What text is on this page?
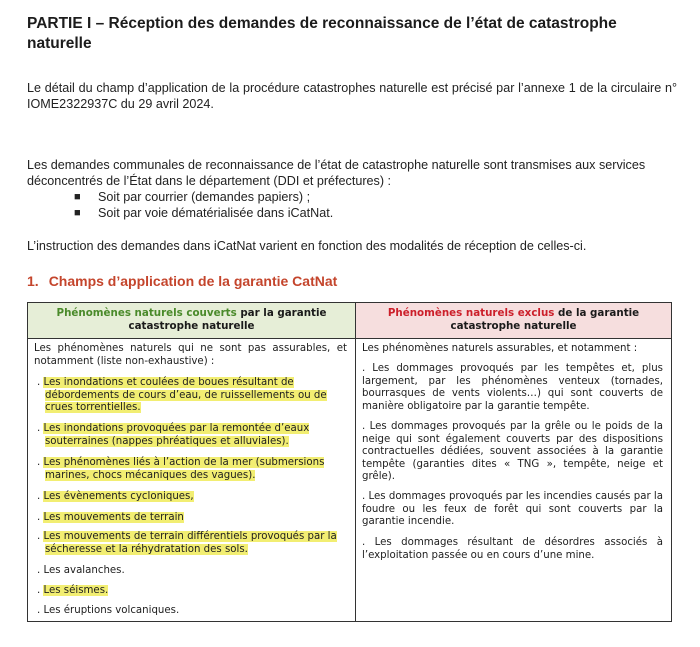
PARTIE I – Réception des demandes de reconnaissance de l’état de catastrophe
naturelle
Le détail du champ d’application de la procédure catastrophes naturelle est précisé par l’annexe 1 de la circulaire n° IOME2322937C du 29 avril 2024.
Les demandes communales de reconnaissance de l’état de catastrophe naturelle sont transmises aux services déconcentrés de l’État dans le département (DDI et préfectures) :
■ Soit par courrier (demandes papiers) ;
■ Soit par voie dématérialisée dans iCatNat.
L’instruction des demandes dans iCatNat varient en fonction des modalités de réception de celles-ci.
1. Champs d’application de la garantie CatNat
Phénomènes naturels couverts par la garantie catastrophe naturelle
Les phénomènes naturels qui ne sont pas assurables, et notamment (liste non-exhaustive) :
. Les inondations et coulées de boues résultant de débordements de cours d’eau, de ruissellements ou de crues torrentielles.
. Les inondations provoquées par la remontée d’eaux souterraines (nappes phréatiques et alluviales).
. Les phénomènes liés à l’action de la mer (submersions marines, chocs mécaniques des vagues).
. Les évènements cycloniques,
. Les mouvements de terrain
. Les mouvements de terrain différentiels provoqués par la sécheresse et la réhydratation des sols.
. Les avalanches.
. Les séismes.
. Les éruptions volcaniques.
Phénomènes naturels exclus de la garantie catastrophe naturelle
Les phénomènes naturels assurables, et notamment :
. Les dommages provoqués par les tempêtes et, plus largement, par les phénomènes venteux (tornades, bourrasques de vents violents…) qui sont couverts de manière obligatoire par la garantie tempête.
. Les dommages provoqués par la grêle ou le poids de la neige qui sont également couverts par des dispositions contractuelles dédiées, souvent associées à la garantie tempête (garanties dites « TNG », tempête, neige et grêle).
. Les dommages provoqués par les incendies causés par la foudre ou les feux de forêt qui sont couverts par la garantie incendie.
. Les dommages résultant de désordres associés à l’exploitation passée ou en cours d’une mine.
